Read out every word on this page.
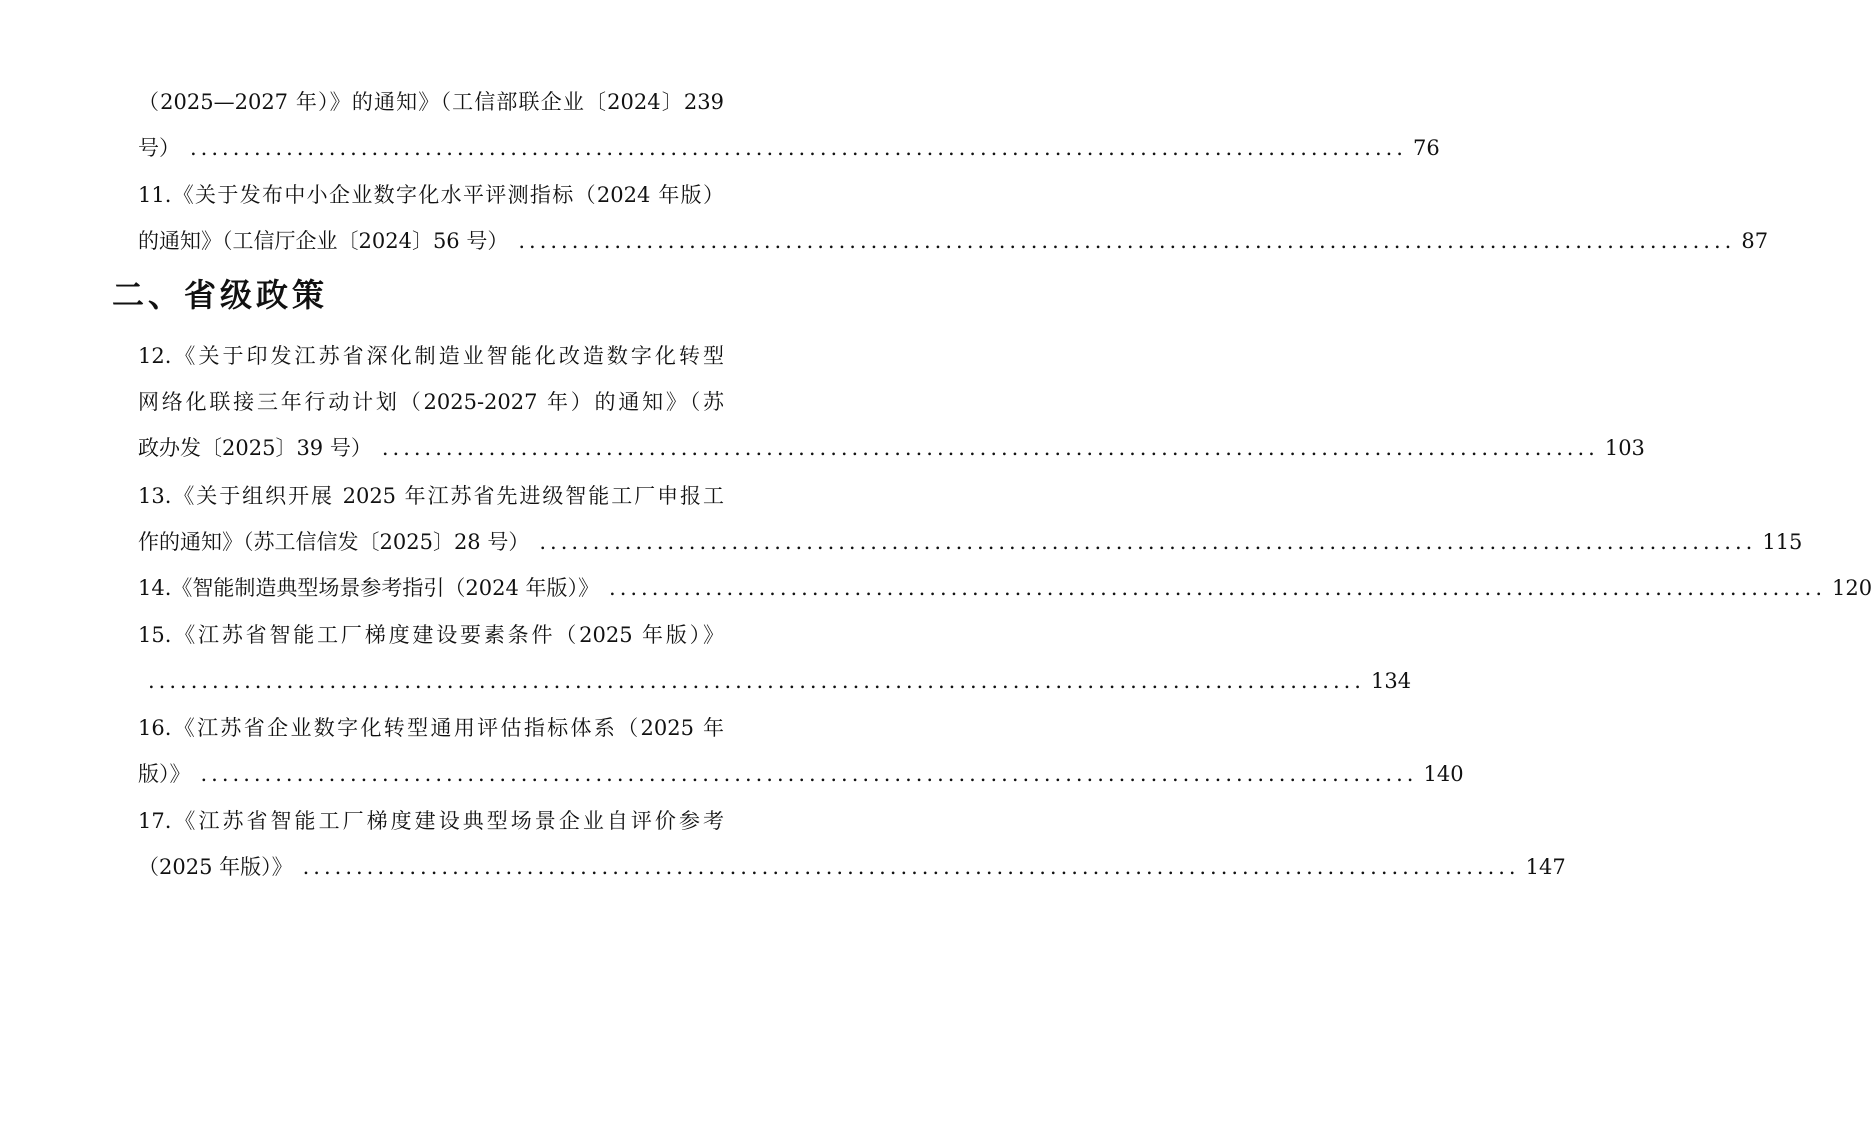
（2025—2027 年）》的通知》（工信部联企业〔2024〕239
号） .................................................................................................................. 76
11.《关于发布中小企业数字化水平评测指标（2024 年版）
的通知》（工信厅企业〔2024〕56 号） .................................................................................................................. 87
12.《关于印发江苏省深化制造业智能化改造数字化转型
网络化联接三年行动计划（2025-2027 年）的通知》（苏
政办发〔2025〕39 号） .................................................................................................................. 103
13.《关于组织开展 2025 年江苏省先进级智能工厂申报工
作的通知》（苏工信信发〔2025〕28 号） .................................................................................................................. 115
14.《智能制造典型场景参考指引（2024 年版）》 .................................................................................................................. 120
15.《江苏省智能工厂梯度建设要素条件（2025 年版）》
.................................................................................................................. 134
16.《江苏省企业数字化转型通用评估指标体系（2025 年
版）》 .................................................................................................................. 140
17.《江苏省智能工厂梯度建设典型场景企业自评价参考
（2025 年版）》 .................................................................................................................. 147
二、省级政策
